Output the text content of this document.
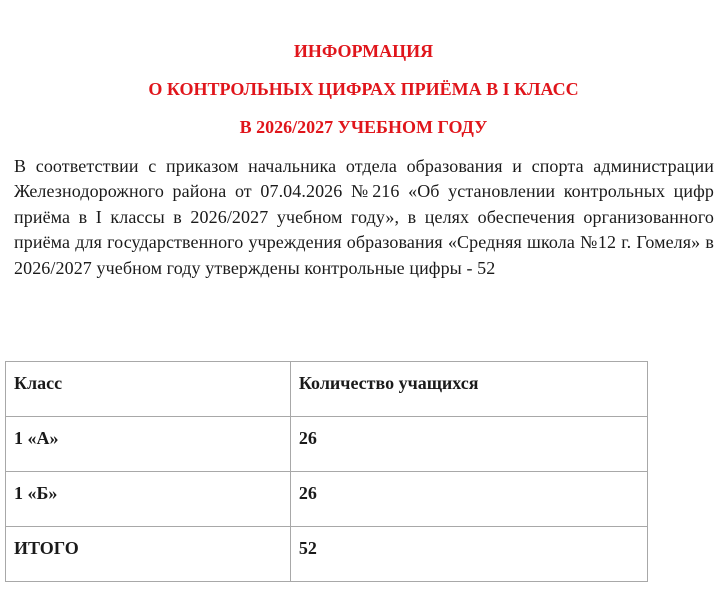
ИНФОРМАЦИЯ
О КОНТРОЛЬНЫХ ЦИФРАХ ПРИЁМА В I КЛАСС
В 2026/2027 УЧЕБНОМ ГОДУ
В соответствии с приказом начальника отдела образования и спорта администрации Железнодорожного района от 07.04.2026 №216 «Об установлении контрольных цифр приёма в I классы в 2026/2027 учебном году», в целях обеспечения организованного приёма для государственного учреждения образования «Средняя школа №12 г. Гомеля» в 2026/2027 учебном году утверждены контрольные цифры - 52
Класс	Количество учащихся
1 «А»	26
1 «Б»	26
ИТОГО	52
